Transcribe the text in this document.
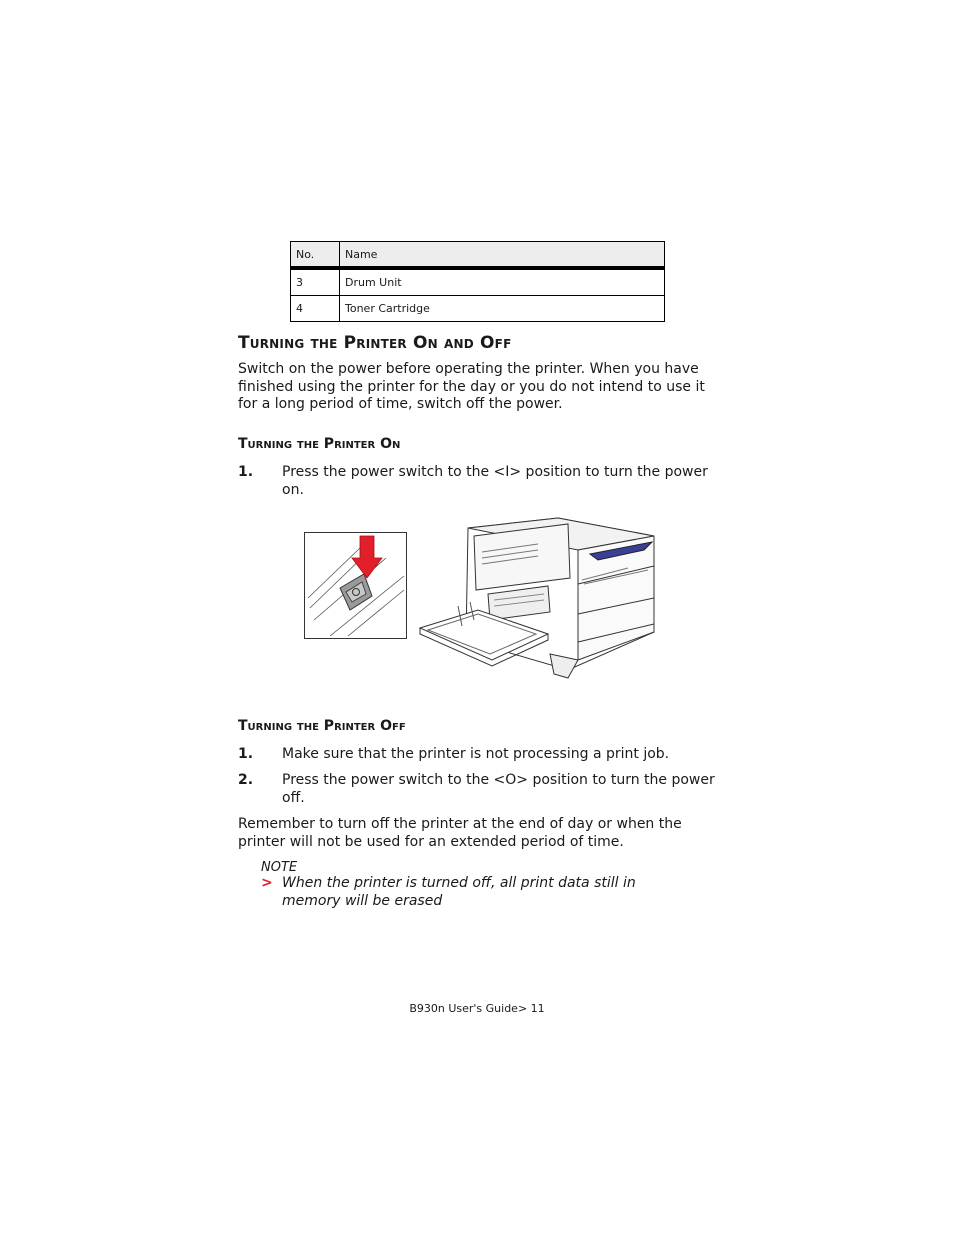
No.	Name
3	Drum Unit
4	Toner Cartridge
Turning the Printer On and Off
Switch on the power before operating the printer. When you have finished using the printer for the day or you do not intend to use it for a long period of time, switch off the power.
Turning the Printer On
1. Press the power switch to the <I> position to turn the power on.
Turning the Printer Off
1. Make sure that the printer is not processing a print job.
2. Press the power switch to the <O> position to turn the power off.
Remember to turn off the printer at the end of day or when the printer will not be used for an extended period of time.
NOTE
> When the printer is turned off, all print data still in memory will be erased
B930n User's Guide> 11
